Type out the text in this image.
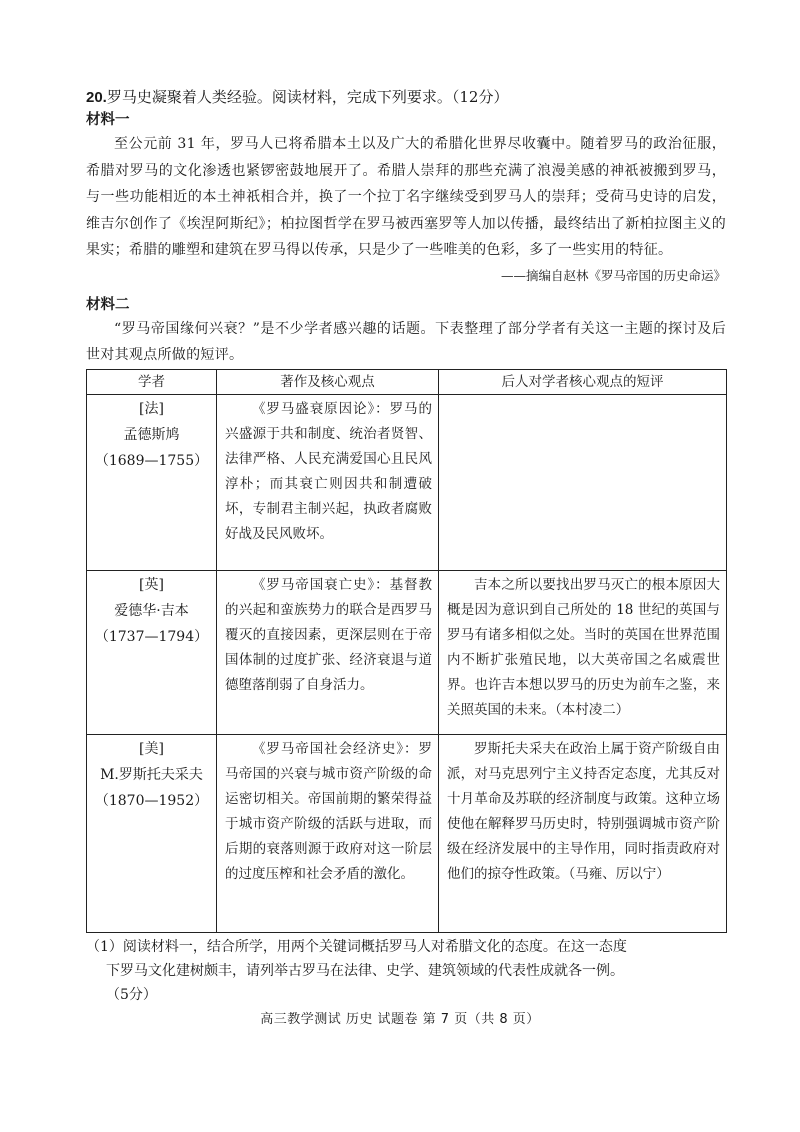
20.罗马史凝聚着人类经验。阅读材料，完成下列要求。（12分）

材料一

至公元前 31 年，罗马人已将希腊本土以及广大的希腊化世界尽收囊中。随着罗马的政治征服，希腊对罗马的文化渗透也紧锣密鼓地展开了。希腊人崇拜的那些充满了浪漫美感的神祇被搬到罗马，与一些功能相近的本土神祇相合并，换了一个拉丁名字继续受到罗马人的崇拜；受荷马史诗的启发，维吉尔创作了《埃涅阿斯纪》；柏拉图哲学在罗马被西塞罗等人加以传播，最终结出了新柏拉图主义的果实；希腊的雕塑和建筑在罗马得以传承，只是少了一些唯美的色彩，多了一些实用的特征。

——摘编自赵林《罗马帝国的历史命运》

材料二

“罗马帝国缘何兴衰？”是不少学者感兴趣的话题。下表整理了部分学者有关这一主题的探讨及后世对其观点所做的短评。

学者	著作及核心观点	后人对学者核心观点的短评

[法]
孟德斯鸠
（1689—1755）	《罗马盛衰原因论》：罗马的兴盛源于共和制度、统治者贤智、法律严格、人民充满爱国心且民风淳朴；而其衰亡则因共和制遭破坏，专制君主制兴起，执政者腐败好战及民风败坏。	

[英]
爱德华·吉本
（1737—1794）	《罗马帝国衰亡史》：基督教的兴起和蛮族势力的联合是西罗马覆灭的直接因素，更深层则在于帝国体制的过度扩张、经济衰退与道德堕落削弱了自身活力。	吉本之所以要找出罗马灭亡的根本原因大概是因为意识到自己所处的 18 世纪的英国与罗马有诸多相似之处。当时的英国在世界范围内不断扩张殖民地，以大英帝国之名威震世界。也许吉本想以罗马的历史为前车之鉴，来关照英国的未来。（本村凌二）

[美]
M.罗斯托夫采夫
（1870—1952）	《罗马帝国社会经济史》：罗马帝国的兴衰与城市资产阶级的命运密切相关。帝国前期的繁荣得益于城市资产阶级的活跃与进取，而后期的衰落则源于政府对这一阶层的过度压榨和社会矛盾的激化。	罗斯托夫采夫在政治上属于资产阶级自由派，对马克思列宁主义持否定态度，尤其反对十月革命及苏联的经济制度与政策。这种立场使他在解释罗马历史时，特别强调城市资产阶级在经济发展中的主导作用，同时指责政府对他们的掠夺性政策。（马雍、厉以宁）
（1）阅读材料一，结合所学，用两个关键词概括罗马人对希腊文化的态度。在这一态度
下罗马文化建树颇丰，请列举古罗马在法律、史学、建筑领域的代表性成就各一例。
（5分）
高三教学测试 历史 试题卷 第 7 页（共 8 页）
